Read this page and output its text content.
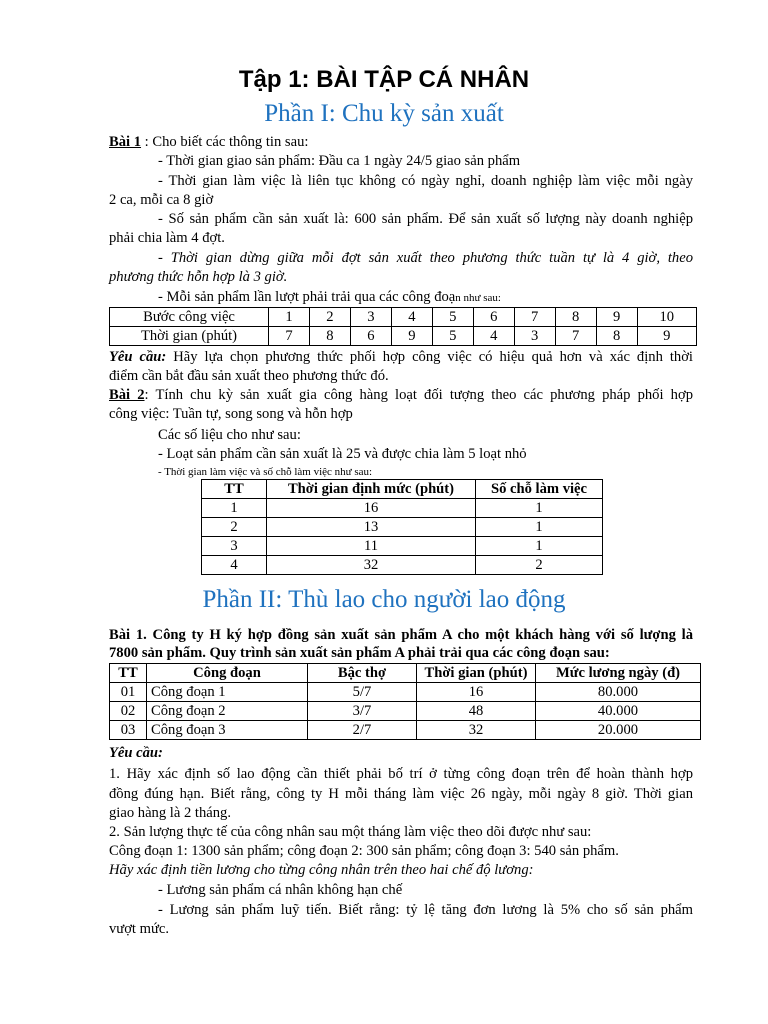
Tập 1: BÀI TẬP CÁ NHÂN
Phần I: Chu kỳ sản xuất
Bài 1 : Cho biết các thông tin sau:
- Thời gian giao sản phẩm: Đầu ca 1 ngày 24/5 giao sản phẩm
- Thời gian làm việc là liên tục không có ngày nghỉ, doanh nghiệp làm việc mỗi ngày
2 ca, mỗi ca 8 giờ
- Số sản phẩm cần sản xuất là: 600 sản phẩm. Để sản xuất số lượng này doanh nghiệp
phải chia làm 4 đợt.
- Thời gian dừng giữa mỗi đợt sản xuất theo phương thức tuần tự là 4 giờ, theo
phương thức hỗn hợp là 3 giờ.
- Mỗi sản phẩm lần lượt phải trải qua các công đoạn như sau:
Bước công việc	1	2	3	4	5	6	7	8	9	10
Thời gian (phút)	7	8	6	9	5	4	3	7	8	9
Yêu cầu: Hãy lựa chọn phương thức phối hợp công việc có hiệu quả hơn và xác định thời
điểm cần bắt đầu sản xuất theo phương thức đó.
Bài 2: Tính chu kỳ sản xuất gia công hàng loạt đối tượng theo các phương pháp phối hợp
công việc: Tuần tự, song song và hỗn hợp
Các số liệu cho như sau:
- Loạt sản phẩm cần sản xuất là 25 và được chia làm 5 loạt nhỏ
- Thời gian làm việc và số chỗ làm việc như sau:
TT	Thời gian định mức (phút)	Số chỗ làm việc
1	16	1
2	13	1
3	11	1
4	32	2
Phần II: Thù lao cho người lao động
Bài 1. Công ty H ký hợp đồng sản xuất sản phẩm A cho một khách hàng với số lượng là
7800 sản phẩm. Quy trình sản xuất sản phẩm A phải trải qua các công đoạn sau:
TT	Công đoạn	Bậc thợ	Thời gian (phút)	Mức lương ngày (đ)
01	Công đoạn 1	5/7	16	80.000
02	Công đoạn 2	3/7	48	40.000
03	Công đoạn 3	2/7	32	20.000
Yêu cầu:
1. Hãy xác định số lao động cần thiết phải bố trí ở từng công đoạn trên để hoàn thành hợp
đồng đúng hạn. Biết rằng, công ty H mỗi tháng làm việc 26 ngày, mỗi ngày 8 giờ. Thời gian
giao hàng là 2 tháng.
2. Sản lượng thực tế của công nhân sau một tháng làm việc theo dõi được như sau:
Công đoạn 1: 1300 sản phẩm; công đoạn 2: 300 sản phẩm; công đoạn 3: 540 sản phẩm.
Hãy xác định tiền lương cho từng công nhân trên theo hai chế độ lương:
- Lương sản phẩm cá nhân không hạn chế
- Lương sản phẩm luỹ tiến. Biết rằng: tỷ lệ tăng đơn lương là 5% cho số sản phẩm
vượt mức.
